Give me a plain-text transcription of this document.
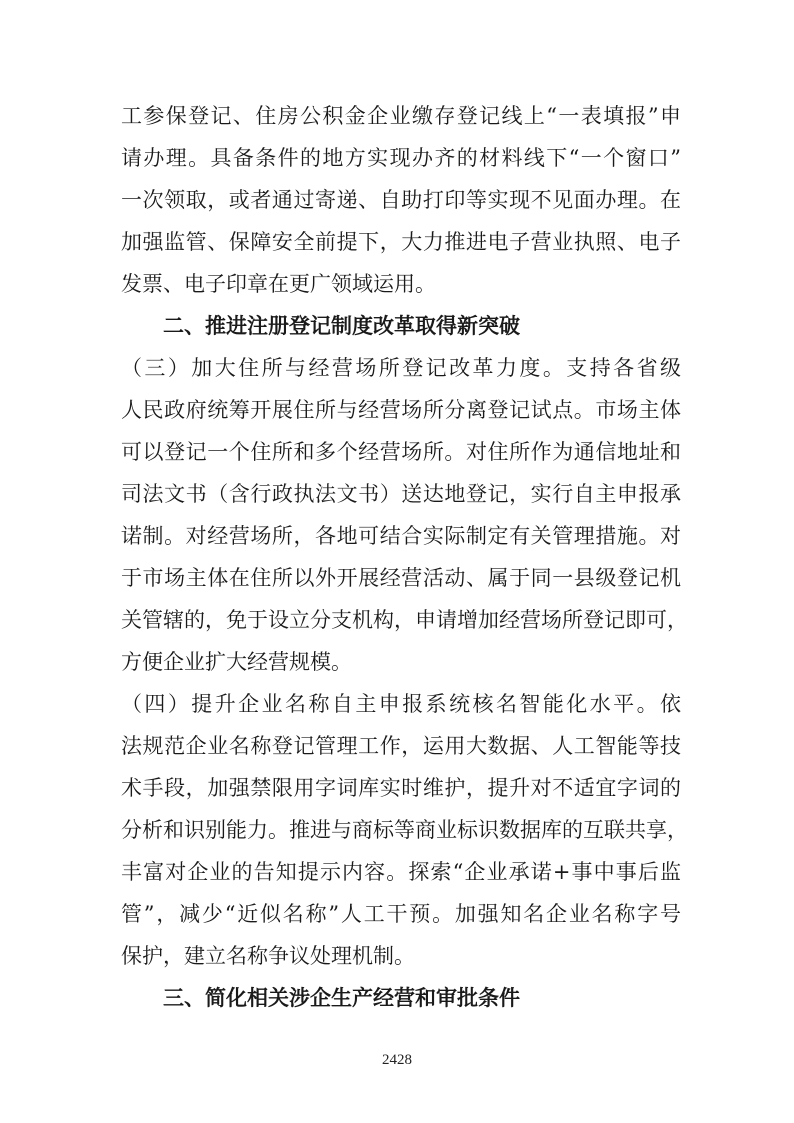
工参保登记、住房公积金企业缴存登记线上“一表填报”申
请办理。具备条件的地方实现办齐的材料线下“一个窗口”
一次领取，或者通过寄递、自助打印等实现不见面办理。在
加强监管、保障安全前提下，大力推进电子营业执照、电子
发票、电子印章在更广领域运用。
二、推进注册登记制度改革取得新突破
（三）加大住所与经营场所登记改革力度。支持各省级
人民政府统筹开展住所与经营场所分离登记试点。市场主体
可以登记一个住所和多个经营场所。对住所作为通信地址和
司法文书（含行政执法文书）送达地登记，实行自主申报承
诺制。对经营场所，各地可结合实际制定有关管理措施。对
于市场主体在住所以外开展经营活动、属于同一县级登记机
关管辖的，免于设立分支机构，申请增加经营场所登记即可，
方便企业扩大经营规模。
（四）提升企业名称自主申报系统核名智能化水平。依
法规范企业名称登记管理工作，运用大数据、人工智能等技
术手段，加强禁限用字词库实时维护，提升对不适宜字词的
分析和识别能力。推进与商标等商业标识数据库的互联共享，
丰富对企业的告知提示内容。探索“企业承诺+事中事后监
管”，减少“近似名称”人工干预。加强知名企业名称字号
保护，建立名称争议处理机制。
三、简化相关涉企生产经营和审批条件
2428
